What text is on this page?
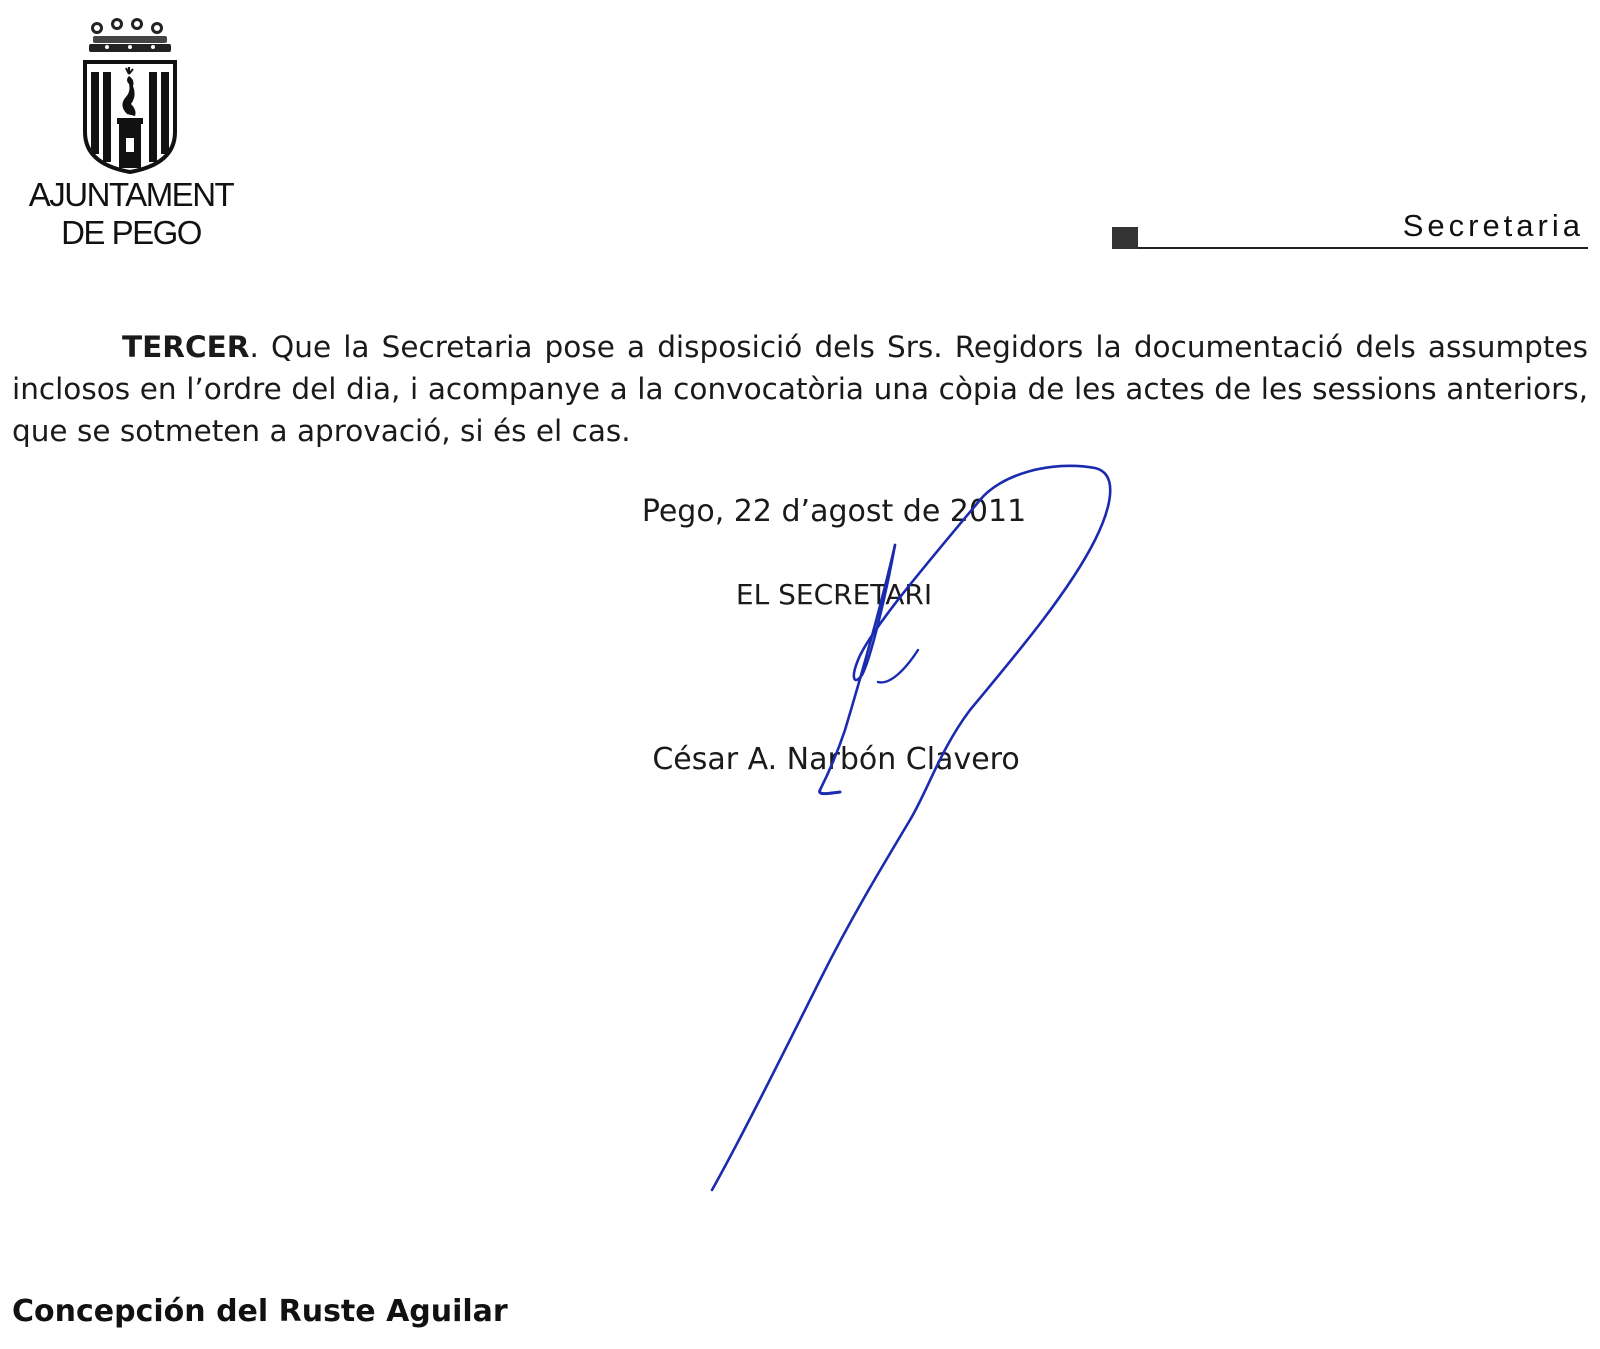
AJUNTAMENT
DE PEGO	Secretaria

TERCER. Que la Secretaria pose a disposició dels Srs. Regidors la documentació dels assumptes inclosos en l’ordre del dia, i acompanye a la convocatòria una còpia de les actes de les sessions anteriors, que se sotmeten a aprovació, si és el cas.

Pego, 22 d’agost de 2011
EL SECRETARI
César A. Narbón Clavero
Concepción del Ruste Aguilar
